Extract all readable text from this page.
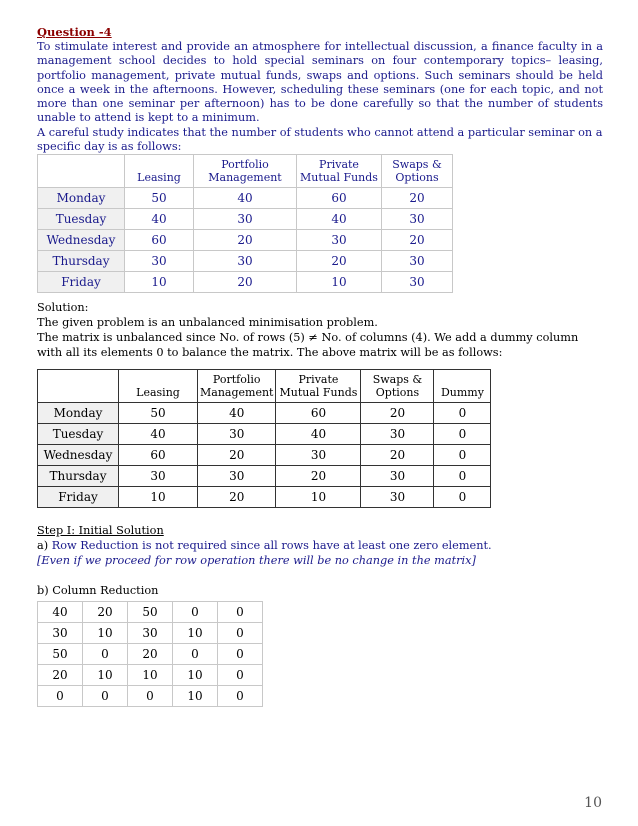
Question -4

To stimulate interest and provide an atmosphere for intellectual discussion, a finance faculty in a management school decides to hold special seminars on four contemporary topics– leasing, portfolio management, private mutual funds, swaps and options. Such seminars should be held once a week in the afternoons. However, scheduling these seminars (one for each topic, and not more than one seminar per afternoon) has to be done carefully so that the number of students unable to attend is kept to a minimum.

A careful study indicates that the number of students who cannot attend a particular seminar on a specific day is as follows:

	Leasing	Portfolio Management	Private Mutual Funds	Swaps & Options
Monday	50	40	60	20
Tuesday	40	30	40	30
Wednesday	60	20	30	20
Thursday	30	30	20	30
Friday	10	20	10	30

Solution:

The given problem is an unbalanced minimisation problem.

The matrix is unbalanced since No. of rows (5) ≠ No. of columns (4). We add a dummy column with all its elements 0 to balance the matrix. The above matrix will be as follows:

	Leasing	Portfolio Management	Private Mutual Funds	Swaps & Options	Dummy
Monday	50	40	60	20	0
Tuesday	40	30	40	30	0
Wednesday	60	20	30	20	0
Thursday	30	30	20	30	0
Friday	10	20	10	30	0

Step I: Initial Solution

a) Row Reduction is not required since all rows have at least one zero element.

[Even if we proceed for row operation there will be no change in the matrix]

b) Column Reduction

40	20	50	0	0
30	10	30	10	0
50	0	20	0	0
20	10	10	10	0
0	0	0	10	0
10
